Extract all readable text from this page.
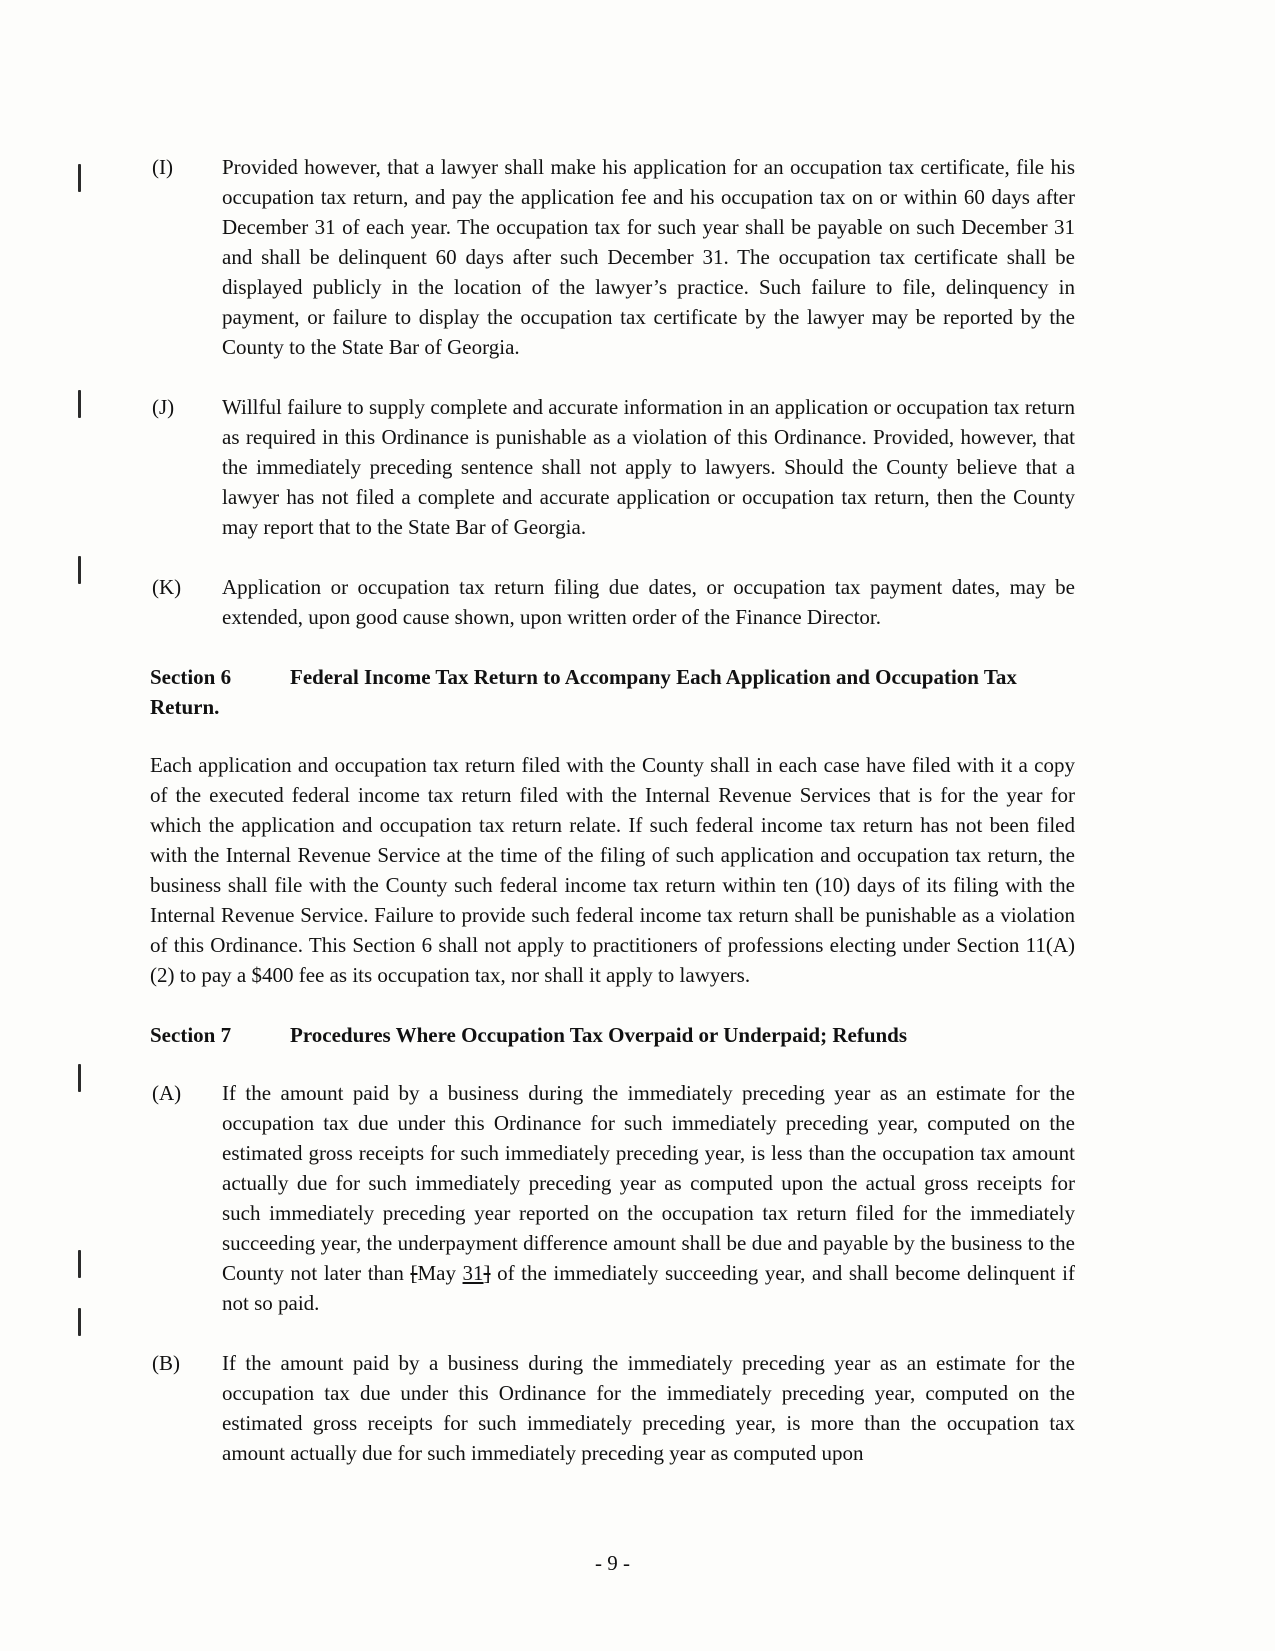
(I) Provided however, that a lawyer shall make his application for an occupation tax certificate, file his occupation tax return, and pay the application fee and his occupation tax on or within 60 days after December 31 of each year. The occupation tax for such year shall be payable on such December 31 and shall be delinquent 60 days after such December 31. The occupation tax certificate shall be displayed publicly in the location of the lawyer’s practice. Such failure to file, delinquency in payment, or failure to display the occupation tax certificate by the lawyer may be reported by the County to the State Bar of Georgia.
(J) Willful failure to supply complete and accurate information in an application or occupation tax return as required in this Ordinance is punishable as a violation of this Ordinance. Provided, however, that the immediately preceding sentence shall not apply to lawyers. Should the County believe that a lawyer has not filed a complete and accurate application or occupation tax return, then the County may report that to the State Bar of Georgia.
(K) Application or occupation tax return filing due dates, or occupation tax payment dates, may be extended, upon good cause shown, upon written order of the Finance Director.

Section 6	Federal Income Tax Return to Accompany Each Application and Occupation Tax Return.

Each application and occupation tax return filed with the County shall in each case have filed with it a copy of the executed federal income tax return filed with the Internal Revenue Services that is for the year for which the application and occupation tax return relate. If such federal income tax return has not been filed with the Internal Revenue Service at the time of the filing of such application and occupation tax return, the business shall file with the County such federal income tax return within ten (10) days of its filing with the Internal Revenue Service. Failure to provide such federal income tax return shall be punishable as a violation of this Ordinance. This Section 6 shall not apply to practitioners of professions electing under Section 11(A)(2) to pay a $400 fee as its occupation tax, nor shall it apply to lawyers.

Section 7	Procedures Where Occupation Tax Overpaid or Underpaid; Refunds

(A) If the amount paid by a business during the immediately preceding year as an estimate for the occupation tax due under this Ordinance for such immediately preceding year, computed on the estimated gross receipts for such immediately preceding year, is less than the occupation tax amount actually due for such immediately preceding year as computed upon the actual gross receipts for such immediately preceding year reported on the occupation tax return filed for the immediately succeeding year, the underpayment difference amount shall be due and payable by the business to the County not later than [May 31] of the immediately succeeding year, and shall become delinquent if not so paid.
(B) If the amount paid by a business during the immediately preceding year as an estimate for the occupation tax due under this Ordinance for the immediately preceding year, computed on the estimated gross receipts for such immediately preceding year, is more than the occupation tax amount actually due for such immediately preceding year as computed upon
- 9 -
